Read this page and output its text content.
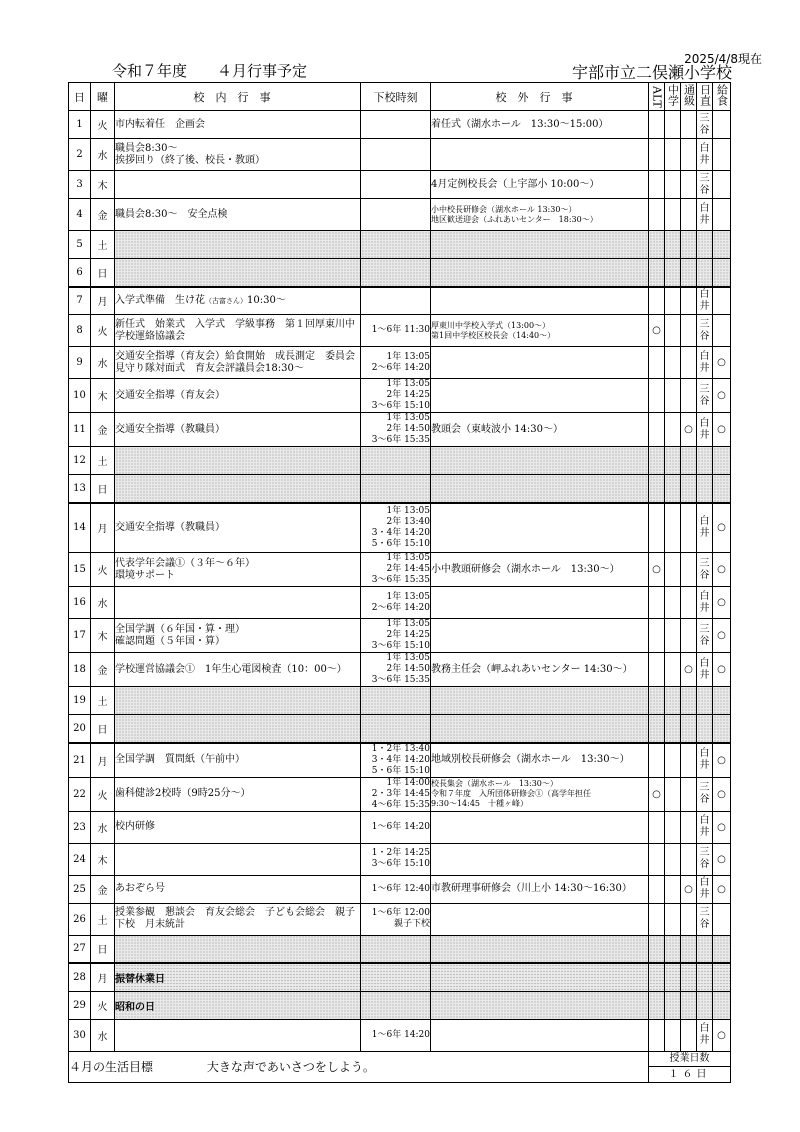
2025/4/8現在
令和７年度　　４月行事予定	宇部市立二俣瀬小学校
日	曜	校内行事	下校時刻	校外行事	ALT	中学	通級	日直	給食
1	火	市内転着任　企画会		着任式（湖水ホール　13:30〜15:00）				三谷	
2	水	職員会8:30〜
挨拶回り（終了後、校長・教頭）						白井	
3	木			4月定例校長会（上宇部小 10:00〜）				三谷	
4	金	職員会8:30〜　安全点検		小中校長研修会（湖水ホール 13:30〜）
地区歓送迎会（ふれあいセンター　18:30〜）				白井	
5	土								
6	日								
7	月	入学式準備　生け花（古富さん）10:30〜						白井	
8	火	新任式　始業式　入学式　学級事務　第１回厚東川中学校運絡協議会	1〜6年 11:30	厚東川中学校入学式（13:00〜）
第1回中学校区校長会（14:40〜）	○			三谷	
9	水	交通安全指導（育友会）給食開始　成長測定　委員会　見守り隊対面式　育友会評議員会18:30〜	1年 13:05
2〜6年 14:20					白井	○
10	木	交通安全指導（育友会）	1年 13:05
2年 14:25
3〜6年 15:10					三谷	○
11	金	交通安全指導（教職員）	1年 13:05
2年 14:50
3〜6年 15:35	教頭会（東岐波小 14:30〜）			○	白井	○
12	土								
13	日								
14	月	交通安全指導（教職員）	1年 13:05
2年 13:40
3・4年 14:20
5・6年 15:10					白井	○
15	火	代表学年会議①（３年〜６年）
環境サポート	1年 13:05
2年 14:45
3〜6年 15:35	小中教頭研修会（湖水ホール　13:30〜）	○			三谷	○
16	水		1年 13:05
2〜6年 14:20					白井	○
17	木	全国学調（６年国・算・理）
確認問題（５年国・算）	1年 13:05
2年 14:25
3〜6年 15:10					三谷	○
18	金	学校運営協議会①　1年生心電図検査（10：00〜）	1年 13:05
2年 14:50
3〜6年 15:35	教務主任会（岬ふれあいセンター 14:30〜）			○	白井	○
19	土								
20	日								
21	月	全国学調　質問紙（午前中）	1・2年 13:40
3・4年 14:20
5・6年 15:10	地域別校長研修会（湖水ホール　13:30〜）				白井	○
22	火	歯科健診2校時（9時25分〜）	1年 14:00
2・3年 14:45
4〜6年 15:35	校長集会（湖水ホール　13:30〜）
令和７年度　入所団体研修会①（高学年担任
9:30〜14:45　十種ヶ峰）	○			三谷	○
23	水	校内研修	1〜6年 14:20					白井	○
24	木		1・2年 14:25
3〜6年 15:10					三谷	○
25	金	あおぞら号	1〜6年 12:40	市教研理事研修会（川上小 14:30〜16:30）			○	白井	○
26	土	授業参観　懇談会　育友会総会　子ども会総会　親子下校　月末統計	1〜6年 12:00
親子下校					三谷	
27	日								
28	月	振替休業日							
29	火	昭和の日							
30	水		1〜6年 14:20					白井	○
４月の生活目標 大きな声であいさつをしよう。					授業日数
１６日				
